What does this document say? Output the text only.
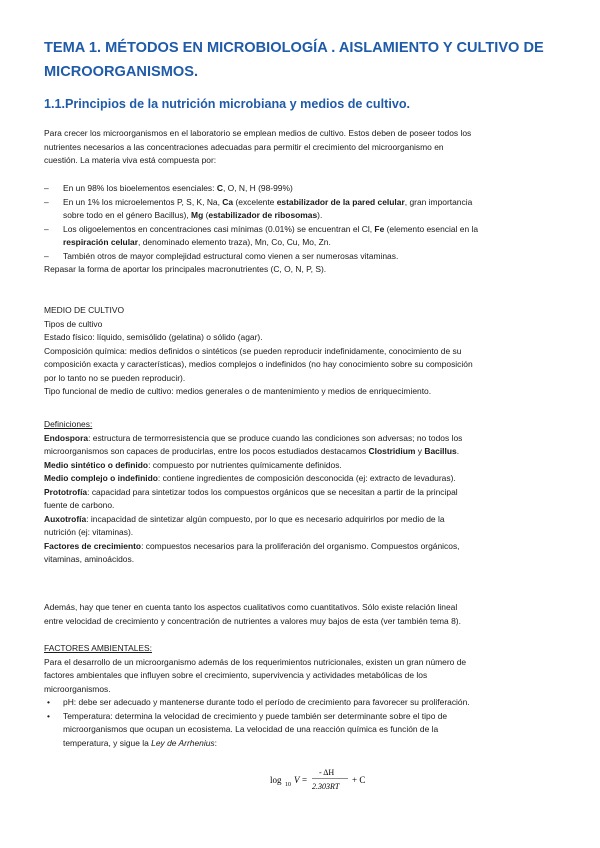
TEMA 1. MÉTODOS EN MICROBIOLOGÍA . AISLAMIENTO Y CULTIVO DE MICROORGANISMOS.
1.1.Principios de la nutrición microbiana y medios de cultivo.
Para crecer los microorganismos en el laboratorio se emplean medios de cultivo. Estos deben de poseer todos los
nutrientes necesarios a las concentraciones adecuadas para permitir el crecimiento del microorganismo en
cuestión. La materia viva está compuesta por:
– En un 98% los bioelementos esenciales: C, O, N, H (98-99%)
– En un 1% los microelementos P, S, K, Na, Ca (excelente estabilizador de la pared celular, gran importancia
sobre todo en el género Bacillus), Mg (estabilizador de ribosomas).
– Los oligoelementos en concentraciones casi mínimas (0.01%) se encuentran el Cl, Fe (elemento esencial en la
respiración celular, denominado elemento traza), Mn, Co, Cu, Mo, Zn.
– También otros de mayor complejidad estructural como vienen a ser numerosas vitaminas.
Repasar la forma de aportar los principales macronutrientes (C, O, N, P, S).
MEDIO DE CULTIVO
Tipos de cultivo
Estado físico: líquido, semisólido (gelatina) o sólido (agar).
Composición química: medios definidos o sintéticos (se pueden reproducir indefinidamente, conocimiento de su
composición exacta y características), medios complejos o indefinidos (no hay conocimiento sobre su composición
por lo tanto no se pueden reproducir).
Tipo funcional de medio de cultivo: medios generales o de mantenimiento y medios de enriquecimiento.
Definiciones:
Endospora: estructura de termorresistencia que se produce cuando las condiciones son adversas; no todos los
microorganismos son capaces de producirlas, entre los pocos estudiados destacamos Clostridium y Bacillus.
Medio sintético o definido: compuesto por nutrientes químicamente definidos.
Medio complejo o indefinido: contiene ingredientes de composición desconocida (ej: extracto de levaduras).
Prototrofía: capacidad para sintetizar todos los compuestos orgánicos que se necesitan a partir de la principal
fuente de carbono.
Auxotrofía: incapacidad de sintetizar algún compuesto, por lo que es necesario adquirirlos por medio de la
nutrición (ej: vitaminas).
Factores de crecimiento: compuestos necesarios para la proliferación del organismo. Compuestos orgánicos,
vitaminas, aminoácidos.
Además, hay que tener en cuenta tanto los aspectos cualitativos como cuantitativos. Sólo existe relación lineal
entre velocidad de crecimiento y concentración de nutrientes a valores muy bajos de esta (ver también tema 8).
FACTORES AMBIENTALES:
Para el desarrollo de un microorganismo además de los requerimientos nutricionales, existen un gran número de
factores ambientales que influyen sobre el crecimiento, supervivencia y actividades metabólicas de los
microorganismos.
• pH: debe ser adecuado y mantenerse durante todo el período de crecimiento para favorecer su proliferación.
• Temperatura: determina la velocidad de crecimiento y puede también ser determinante sobre el tipo de
microorganismos que ocupan un ecosistema. La velocidad de una reacción química es función de la
temperatura, y sigue la Ley de Arrhenius:
log 10 V =
- ΔH
2.303RT
+ C
